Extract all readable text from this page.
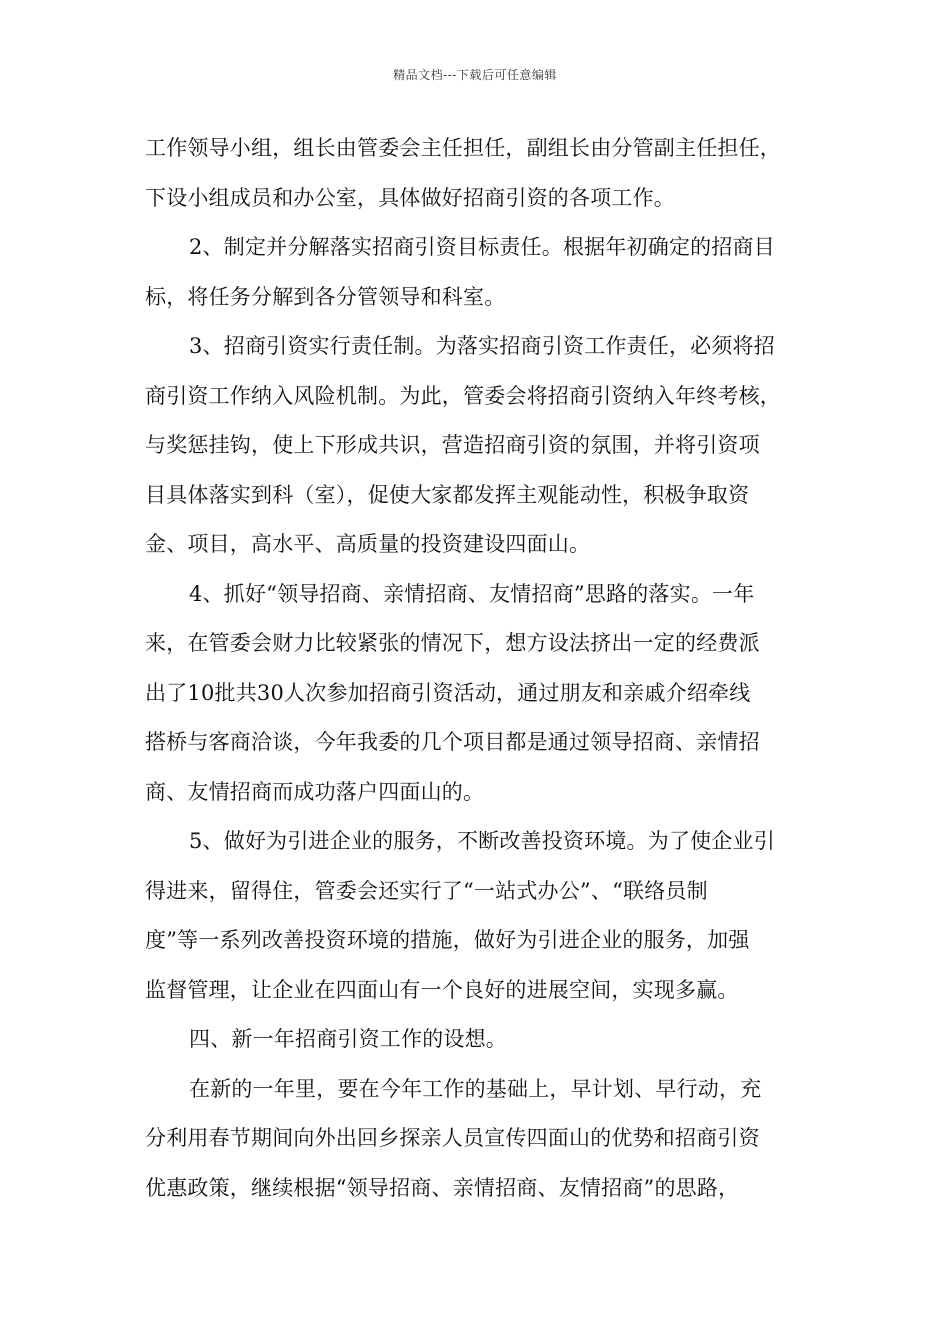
精品文档---下载后可任意编辑
工作领导小组，组长由管委会主任担任，副组长由分管副主任担任，
下设小组成员和办公室，具体做好招商引资的各项工作。
2、制定并分解落实招商引资目标责任。根据年初确定的招商目
标，将任务分解到各分管领导和科室。
3、招商引资实行责任制。为落实招商引资工作责任，必须将招
商引资工作纳入风险机制。为此，管委会将招商引资纳入年终考核，
与奖惩挂钩，使上下形成共识，营造招商引资的氛围，并将引资项
目具体落实到科（室），促使大家都发挥主观能动性，积极争取资
金、项目，高水平、高质量的投资建设四面山。
4、抓好“领导招商、亲情招商、友情招商”思路的落实。一年
来，在管委会财力比较紧张的情况下，想方设法挤出一定的经费派
出了10批共30人次参加招商引资活动，通过朋友和亲戚介绍牵线
搭桥与客商洽谈，今年我委的几个项目都是通过领导招商、亲情招
商、友情招商而成功落户四面山的。
5、做好为引进企业的服务，不断改善投资环境。为了使企业引
得进来，留得住，管委会还实行了“一站式办公”、“联络员制
度”等一系列改善投资环境的措施，做好为引进企业的服务，加强
监督管理，让企业在四面山有一个良好的进展空间，实现多赢。
四、新一年招商引资工作的设想。
在新的一年里，要在今年工作的基础上，早计划、早行动，充
分利用春节期间向外出回乡探亲人员宣传四面山的优势和招商引资
优惠政策，继续根据“领导招商、亲情招商、友情招商”的思路，
